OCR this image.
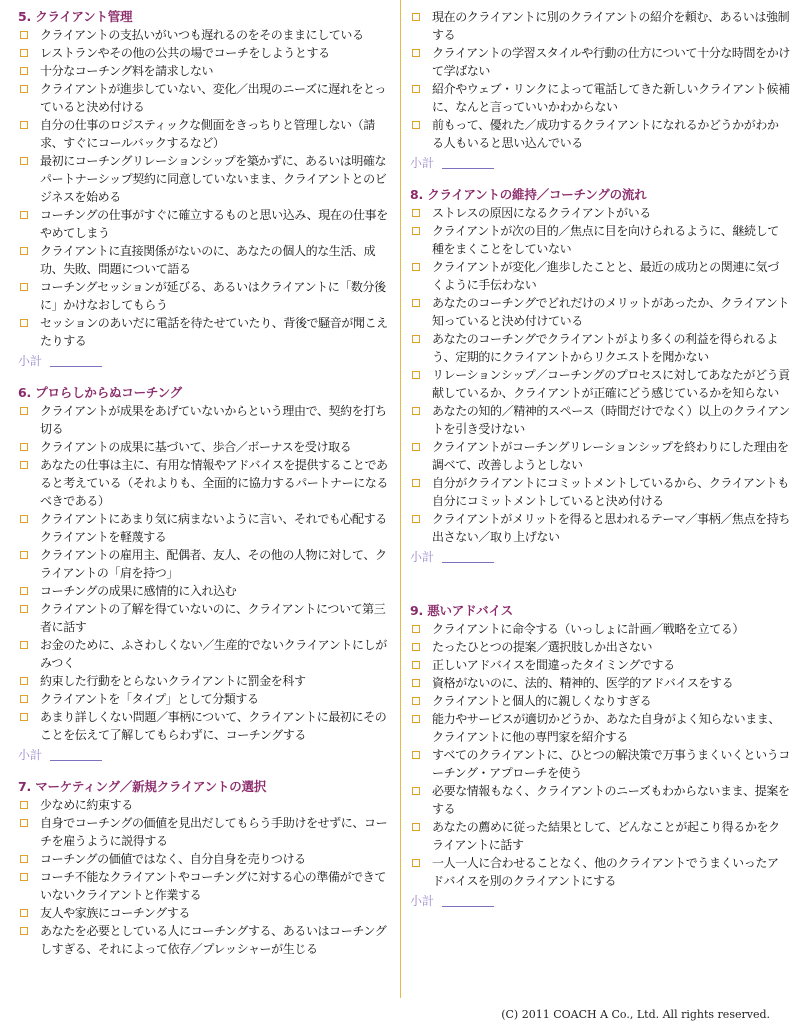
5. クライアント管理
クライアントの支払いがいつも遅れるのをそのままにしている
レストランやその他の公共の場でコーチをしようとする
十分なコーチング料を請求しない
クライアントが進歩していない、変化／出現のニーズに遅れをとっていると決め付ける
自分の仕事のロジスティックな側面をきっちりと管理しない（請求、すぐにコールバックするなど）
最初にコーチングリレーションシップを築かずに、あるいは明確なパートナーシップ契約に同意していないまま、クライアントとのビジネスを始める
コーチングの仕事がすぐに確立するものと思い込み、現在の仕事をやめてしまう
クライアントに直接関係がないのに、あなたの個人的な生活、成功、失敗、問題について語る
コーチングセッションが延びる、あるいはクライアントに「数分後に」かけなおしてもらう
セッションのあいだに電話を待たせていたり、背後で騒音が聞こえたりする
小計
6. プロらしからぬコーチング
クライアントが成果をあげていないからという理由で、契約を打ち切る
クライアントの成果に基づいて、歩合／ボーナスを受け取る
あなたの仕事は主に、有用な情報やアドバイスを提供することであると考えている（それよりも、全面的に協力するパートナーになるべきである）
クライアントにあまり気に病まないように言い、それでも心配するクライアントを軽蔑する
クライアントの雇用主、配偶者、友人、その他の人物に対して、クライアントの「肩を持つ」
コーチングの成果に感情的に入れ込む
クライアントの了解を得ていないのに、クライアントについて第三者に話す
お金のために、ふさわしくない／生産的でないクライアントにしがみつく
約束した行動をとらないクライアントに罰金を科す
クライアントを「タイプ」として分類する
あまり詳しくない問題／事柄について、クライアントに最初にそのことを伝えて了解してもらわずに、コーチングする
小計
7. マーケティング／新規クライアントの選択
少なめに約束する
自身でコーチングの価値を見出だしてもらう手助けをせずに、コーチを雇うように説得する
コーチングの価値ではなく、自分自身を売りつける
コーチ不能なクライアントやコーチングに対する心の準備ができていないクライアントと作業する
友人や家族にコーチングする
あなたを必要としている人にコーチングする、あるいはコーチングしすぎる、それによって依存／プレッシャーが生じる
現在のクライアントに別のクライアントの紹介を頼む、あるいは強制する
クライアントの学習スタイルや行動の仕方について十分な時間をかけて学ばない
紹介やウェブ・リンクによって電話してきた新しいクライアント候補に、なんと言っていいかわからない
前もって、優れた／成功するクライアントになれるかどうかがわかる人もいると思い込んでいる
小計
8. クライアントの維持／コーチングの流れ
ストレスの原因になるクライアントがいる
クライアントが次の目的／焦点に目を向けられるように、継続して種をまくことをしていない
クライアントが変化／進歩したことと、最近の成功との関連に気づくように手伝わない
あなたのコーチングでどれだけのメリットがあったか、クライアント知っていると決め付けている
あなたのコーチングでクライアントがより多くの利益を得られるよう、定期的にクライアントからリクエストを聞かない
リレーションシップ／コーチングのプロセスに対してあなたがどう貢献しているか、クライアントが正確にどう感じているかを知らない
あなたの知的／精神的スペース（時間だけでなく）以上のクライアントを引き受けない
クライアントがコーチングリレーションシップを終わりにした理由を調べて、改善しようとしない
自分がクライアントにコミットメントしているから、クライアントも自分にコミットメントしていると決め付ける
クライアントがメリットを得ると思われるテーマ／事柄／焦点を持ち出さない／取り上げない
小計
9. 悪いアドバイス
クライアントに命令する（いっしょに計画／戦略を立てる）
たったひとつの提案／選択肢しか出さない
正しいアドバイスを間違ったタイミングでする
資格がないのに、法的、精神的、医学的アドバイスをする
クライアントと個人的に親しくなりすぎる
能力やサービスが適切かどうか、あなた自身がよく知らないまま、クライアントに他の専門家を紹介する
すべてのクライアントに、ひとつの解決策で万事うまくいくというコーチング・アプローチを使う
必要な情報もなく、クライアントのニーズもわからないまま、提案をする
あなたの薦めに従った結果として、どんなことが起こり得るかをクライアントに話す
一人一人に合わせることなく、他のクライアントでうまくいったアドバイスを別のクライアントにする
小計
(C) 2011 COACH A Co., Ltd. All rights reserved.
